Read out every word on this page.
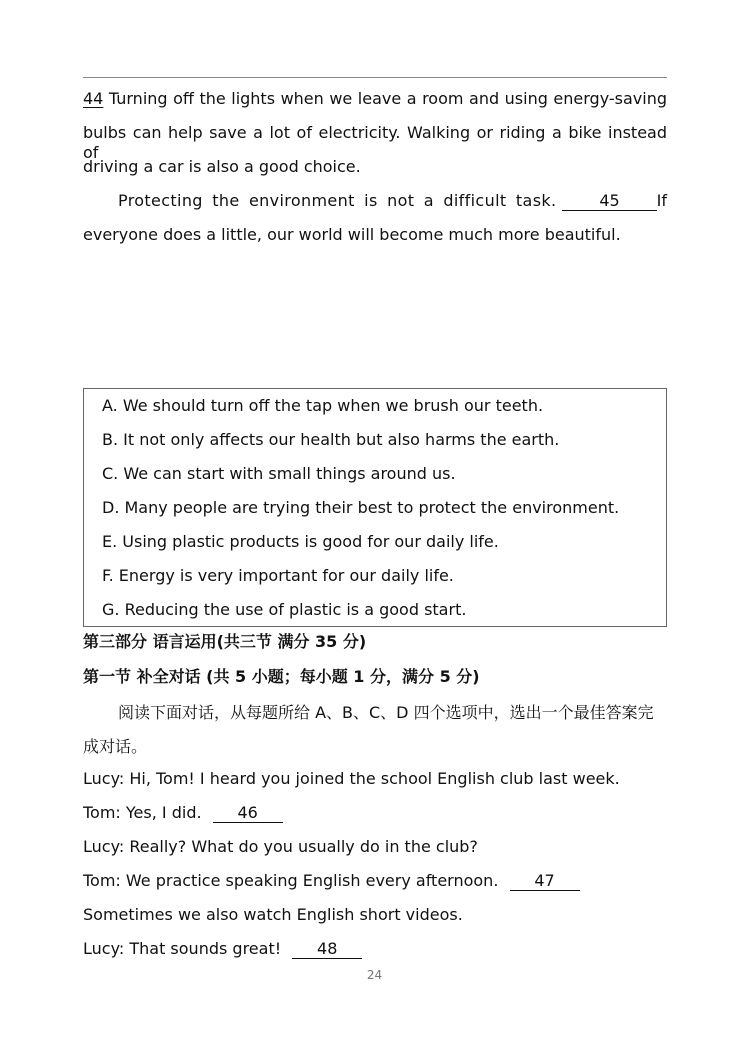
44 Turning off the lights when we leave a room and using energy-saving
bulbs can help save a lot of electricity. Walking or riding a bike instead of
driving a car is also a good choice.
Protecting the environment is not a difficult task.	45	If
everyone does a little, our world will become much more beautiful.
A. We should turn off the tap when we brush our teeth.
B. It not only affects our health but also harms the earth.
C. We can start with small things around us.
D. Many people are trying their best to protect the environment.
E. Using plastic products is good for our daily life.
F. Energy is very important for our daily life.
G. Reducing the use of plastic is a good start.
第三部分 语言运用(共三节 满分 35 分)
第一节 补全对话 (共 5 小题；每小题 1 分，满分 5 分)
阅读下面对话，从每题所给 A、B、C、D 四个选项中，选出一个最佳答案完
成对话。
Lucy: Hi, Tom! I heard you joined the school English club last week.
Tom: Yes, I did. 46
Lucy: Really? What do you usually do in the club?
Tom: We practice speaking English every afternoon. 47
Sometimes we also watch English short videos.
Lucy: That sounds great! 48
24
